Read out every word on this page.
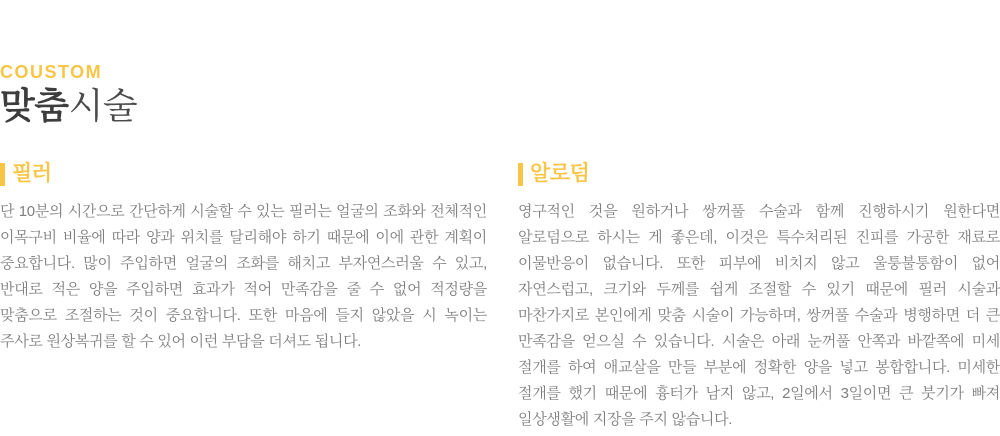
COUSTOM
맞춤시술
필러

단 10분의 시간으로 간단하게 시술할 수 있는 필러는 얼굴의 조화와 전체적인 이목구비 비율에 따라 양과 위치를 달리해야 하기 때문에 이에 관한 계획이 중요합니다. 많이 주입하면 얼굴의 조화를 해치고 부자연스러울 수 있고, 반대로 적은 양을 주입하면 효과가 적어 만족감을 줄 수 없어 적정량을 맞춤으로 조절하는 것이 중요합니다. 또한 마음에 들지 않았을 시 녹이는 주사로 원상복귀를 할 수 있어 이런 부담을 더셔도 됩니다.

알로덤

영구적인 것을 원하거나 쌍꺼풀 수술과 함께 진행하시기 원한다면 알로덤으로 하시는 게 좋은데, 이것은 특수처리된 진피를 가공한 재료로 이물반응이 없습니다. 또한 피부에 비치지 않고 울퉁불퉁함이 없어 자연스럽고, 크기와 두께를 쉽게 조절할 수 있기 때문에 필러 시술과 마찬가지로 본인에게 맞춤 시술이 가능하며, 쌍꺼풀 수술과 병행하면 더 큰 만족감을 얻으실 수 있습니다. 시술은 아래 눈꺼풀 안쪽과 바깥쪽에 미세 절개를 하여 애교살을 만들 부분에 정확한 양을 넣고 봉합합니다. 미세한 절개를 했기 때문에 흉터가 남지 않고, 2일에서 3일이면 큰 붓기가 빠져 일상생활에 지장을 주지 않습니다.
